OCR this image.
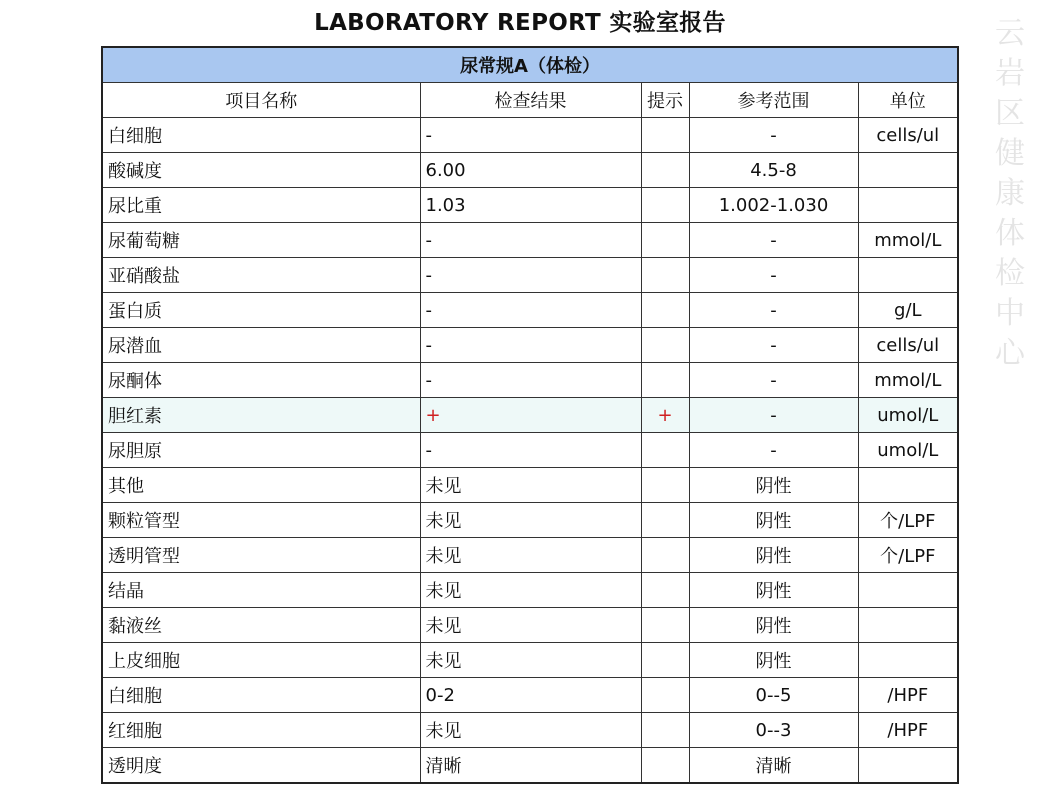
LABORATORY REPORT 实验室报告	云
岩
区
健
康
体
检
中
心
尿常规A（体检）				
项目名称	检查结果	提示	参考范围	单位
白细胞	-		-	cells/ul
酸碱度	6.00		4.5-8	
尿比重	1.03		1.002-1.030	
尿葡萄糖	-		-	mmol/L
亚硝酸盐	-		-	
蛋白质	-		-	g/L
尿潜血	-		-	cells/ul
尿酮体	-		-	mmol/L
胆红素	+	+	-	umol/L
尿胆原	-		-	umol/L
其他	未见		阴性	
颗粒管型	未见		阴性	个/LPF
透明管型	未见		阴性	个/LPF
结晶	未见		阴性	
黏液丝	未见		阴性	
上皮细胞	未见		阴性	
白细胞	0-2		0--5	/HPF
红细胞	未见		0--3	/HPF
透明度	清晰		清晰	
